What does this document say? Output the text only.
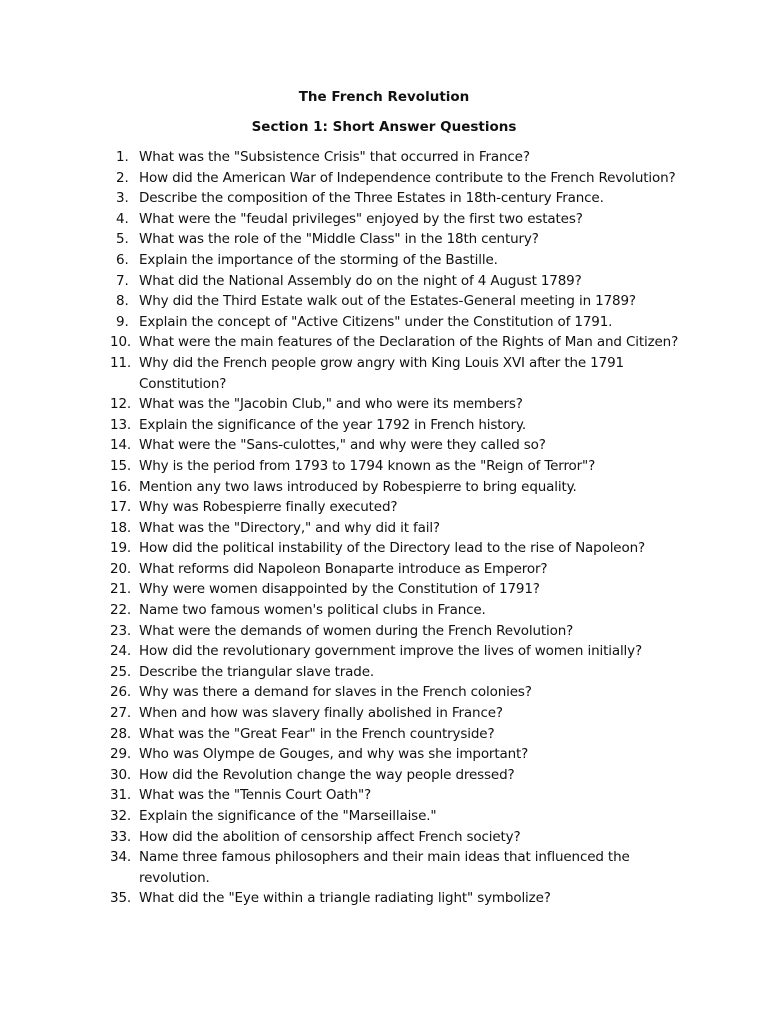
The French Revolution
Section 1: Short Answer Questions
1. What was the "Subsistence Crisis" that occurred in France?
2. How did the American War of Independence contribute to the French Revolution?
3. Describe the composition of the Three Estates in 18th-century France.
4. What were the "feudal privileges" enjoyed by the first two estates?
5. What was the role of the "Middle Class" in the 18th century?
6. Explain the importance of the storming of the Bastille.
7. What did the National Assembly do on the night of 4 August 1789?
8. Why did the Third Estate walk out of the Estates-General meeting in 1789?
9. Explain the concept of "Active Citizens" under the Constitution of 1791.
10. What were the main features of the Declaration of the Rights of Man and Citizen?
11. Why did the French people grow angry with King Louis XVI after the 1791 Constitution?
12. What was the "Jacobin Club," and who were its members?
13. Explain the significance of the year 1792 in French history.
14. What were the "Sans-culottes," and why were they called so?
15. Why is the period from 1793 to 1794 known as the "Reign of Terror"?
16. Mention any two laws introduced by Robespierre to bring equality.
17. Why was Robespierre finally executed?
18. What was the "Directory," and why did it fail?
19. How did the political instability of the Directory lead to the rise of Napoleon?
20. What reforms did Napoleon Bonaparte introduce as Emperor?
21. Why were women disappointed by the Constitution of 1791?
22. Name two famous women's political clubs in France.
23. What were the demands of women during the French Revolution?
24. How did the revolutionary government improve the lives of women initially?
25. Describe the triangular slave trade.
26. Why was there a demand for slaves in the French colonies?
27. When and how was slavery finally abolished in France?
28. What was the "Great Fear" in the French countryside?
29. Who was Olympe de Gouges, and why was she important?
30. How did the Revolution change the way people dressed?
31. What was the "Tennis Court Oath"?
32. Explain the significance of the "Marseillaise."
33. How did the abolition of censorship affect French society?
34. Name three famous philosophers and their main ideas that influenced the revolution.
35. What did the "Eye within a triangle radiating light" symbolize?
